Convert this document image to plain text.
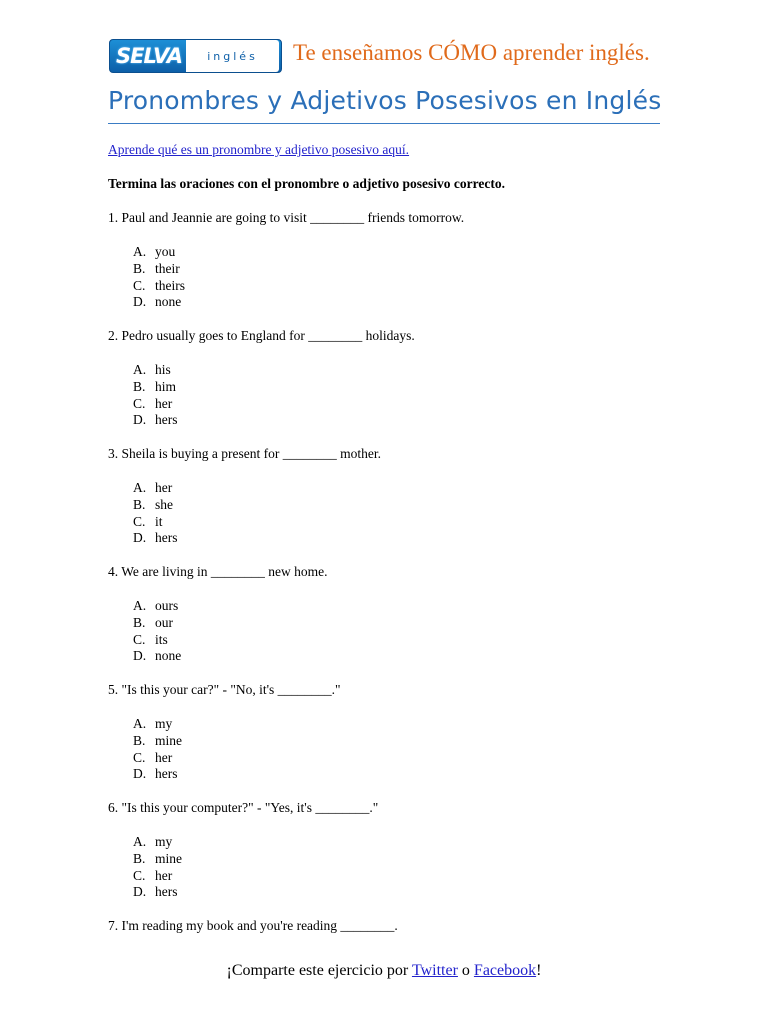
SELVA	inglés	Te enseñamos CÓMO aprender inglés.
Pronombres y Adjetivos Posesivos en Inglés
Aprende qué es un pronombre y adjetivo posesivo aquí.
Termina las oraciones con el pronombre o adjetivo posesivo correcto.
1. Paul and Jeannie are going to visit ________ friends tomorrow.
A. you
B. their
C. theirs
D. none
2. Pedro usually goes to England for ________ holidays.
A. his
B. him
C. her
D. hers
3. Sheila is buying a present for ________ mother.
A. her
B. she
C. it
D. hers
4. We are living in ________ new home.
A. ours
B. our
C. its
D. none
5. "Is this your car?" - "No, it's ________."
A. my
B. mine
C. her
D. hers
6. "Is this your computer?" - "Yes, it's ________."
A. my
B. mine
C. her
D. hers
7. I'm reading my book and you're reading ________.
¡Comparte este ejercicio por Twitter o Facebook!
